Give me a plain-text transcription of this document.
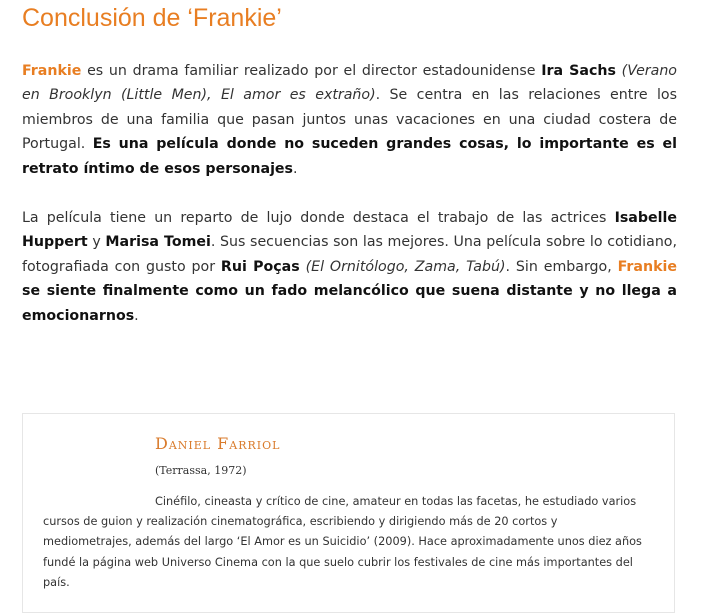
Conclusión de ‘Frankie’

Frankie es un drama familiar realizado por el director estadounidense Ira Sachs (Verano en Brooklyn (Little Men), El amor es extraño). Se centra en las relaciones entre los miembros de una familia que pasan juntos unas vacaciones en una ciudad costera de Portugal. Es una película donde no suceden grandes cosas, lo importante es el retrato íntimo de esos personajes.

La película tiene un reparto de lujo donde destaca el trabajo de las actrices Isabelle Huppert y Marisa Tomei. Sus secuencias son las mejores. Una película sobre lo cotidiano, fotografiada con gusto por Rui Poças (El Ornitólogo, Zama, Tabú). Sin embargo, Frankie se siente finalmente como un fado melancólico que suena distante y no llega a emocionarnos.

Daniel Farriol

(Terrassa, 1972)

Cinéfilo, cineasta y crítico de cine, amateur en todas las facetas, he estudiado varios cursos de guion y realización cinematográfica, escribiendo y dirigiendo más de 20 cortos y mediometrajes, además del largo ‘El Amor es un Suicidio’ (2009). Hace aproximadamente unos diez años fundé la página web Universo Cinema con la que suelo cubrir los festivales de cine más importantes del país.
